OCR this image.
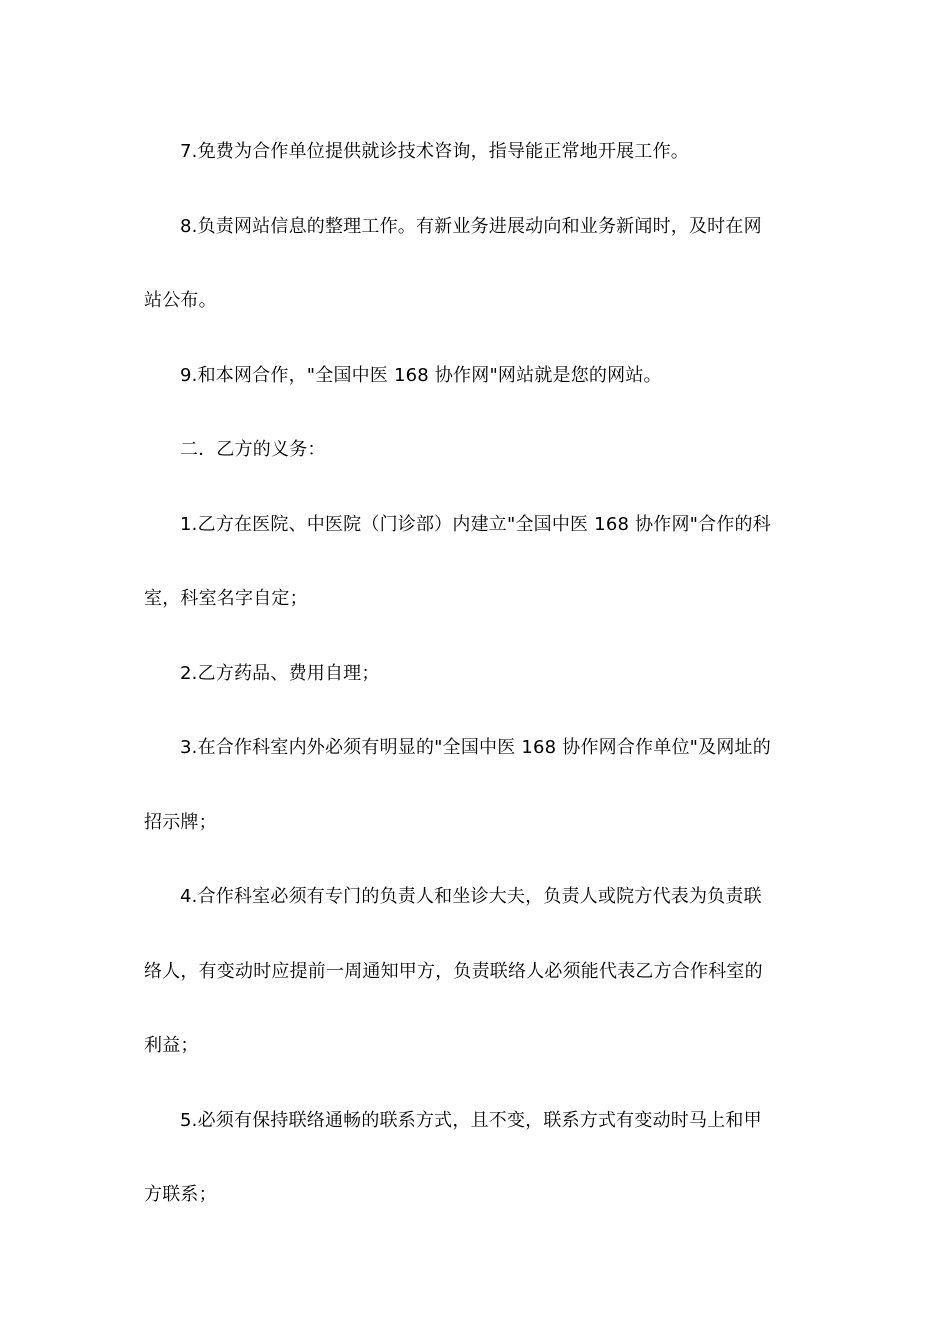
7.免费为合作单位提供就诊技术咨询，指导能正常地开展工作。
8.负责网站信息的整理工作。有新业务进展动向和业务新闻时，及时在网
站公布。
9.和本网合作，"全国中医 168 协作网"网站就是您的网站。
二．乙方的义务：
1.乙方在医院、中医院（门诊部）内建立"全国中医 168 协作网"合作的科
室，科室名字自定；
2.乙方药品、费用自理；
3.在合作科室内外必须有明显的"全国中医 168 协作网合作单位"及网址的
招示牌；
4.合作科室必须有专门的负责人和坐诊大夫，负责人或院方代表为负责联
络人，有变动时应提前一周通知甲方，负责联络人必须能代表乙方合作科室的
利益；
5.必须有保持联络通畅的联系方式，且不变，联系方式有变动时马上和甲
方联系；
